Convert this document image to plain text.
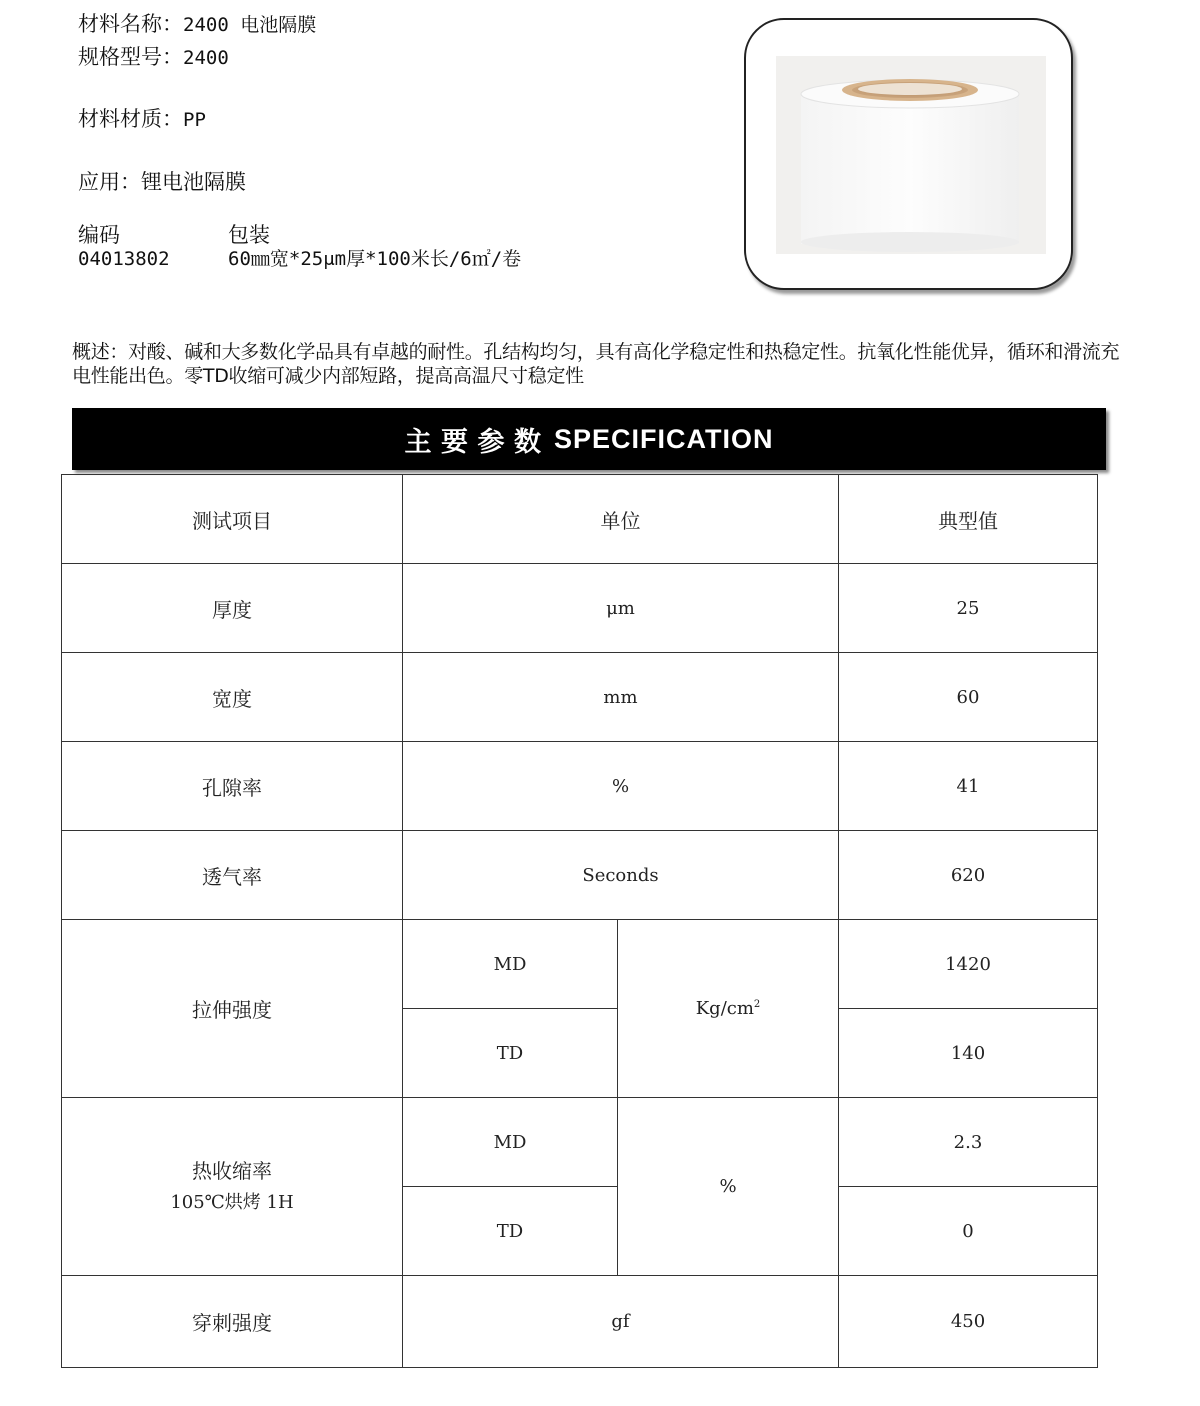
材料名称：2400 电池隔膜
规格型号：2400
材料材质：PP
应用：锂电池隔膜
编码	包装
04013802	60㎜宽*25μm厚*100米长/6㎡/卷
概述：对酸、碱和大多数化学品具有卓越的耐性。孔结构均匀，具有高化学稳定性和热稳定性。抗氧化性能优异，循环和滑流充电性能出色。零TD收缩可减少内部短路，提高高温尺寸稳定性
主 要 参 数 SPECIFICATION
测试项目	单位		典型值
厚度	μm		25
宽度	mm		60
孔隙率	%		41
透气率	Seconds		620
拉伸强度	MD	$Kg/cm^2$	1420
	TD		140

热收缩率
105℃烘烤 1H	MD	%	2.3
	TD		0
穿刺强度	gf		450
